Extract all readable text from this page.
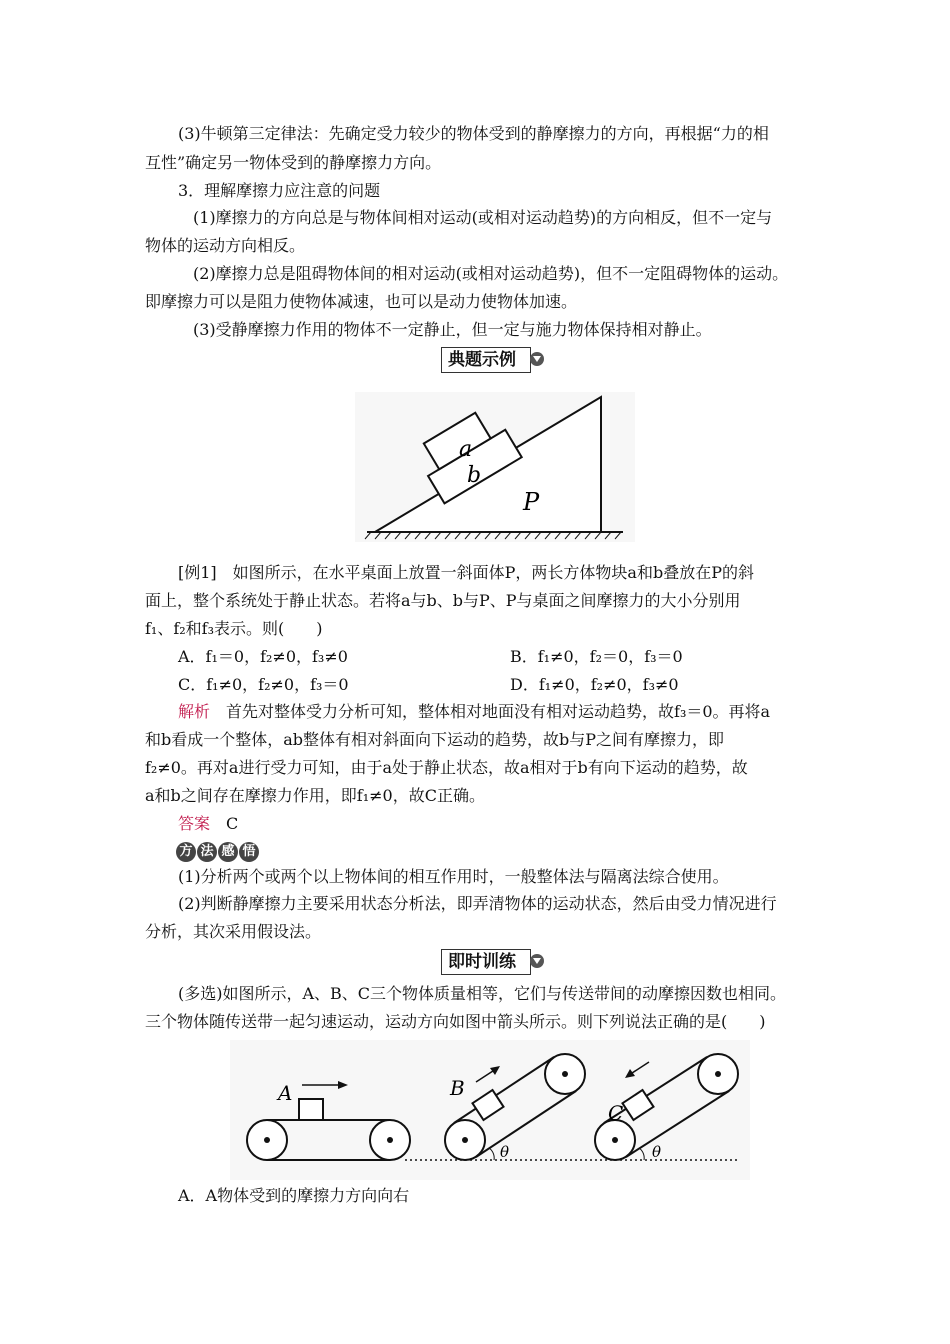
(3)牛顿第三定律法：先确定受力较少的物体受到的静摩擦力的方向，再根据“力的相
互性”确定另一物体受到的静摩擦力方向。
3．理解摩擦力应注意的问题
(1)摩擦力的方向总是与物体间相对运动(或相对运动趋势)的方向相反，但不一定与
物体的运动方向相反。
(2)摩擦力总是阻碍物体间的相对运动(或相对运动趋势)，但不一定阻碍物体的运动。
即摩擦力可以是阻力使物体减速，也可以是动力使物体加速。
(3)受静摩擦力作用的物体不一定静止，但一定与施力物体保持相对静止。
典题示例
a
b
P
[例1]　如图所示，在水平桌面上放置一斜面体P，两长方体物块a和b叠放在P的斜
面上，整个系统处于静止状态。若将a与b、b与P、P与桌面之间摩擦力的大小分别用
f₁、f₂和f₃表示。则(　　)
A．f₁＝0，f₂≠0，f₃≠0	B．f₁≠0，f₂＝0，f₃＝0
C．f₁≠0，f₂≠0，f₃＝0	D．f₁≠0，f₂≠0，f₃≠0
解析　 首先对整体受力分析可知，整体相对地面没有相对运动趋势，故f₃＝0。再将a
和b看成一个整体，ab整体有相对斜面向下运动的趋势，故b与P之间有摩擦力，即
f₂≠0。再对a进行受力可知，由于a处于静止状态，故a相对于b有向下运动的趋势，故
a和b之间存在摩擦力作用，即f₁≠0，故C正确。
答案　 C
方 法 感 悟
(1)分析两个或两个以上物体间的相互作用时，一般整体法与隔离法综合使用。
(2)判断静摩擦力主要采用状态分析法，即弄清物体的运动状态，然后由受力情况进行
分析，其次采用假设法。
即时训练
(多选)如图所示，A、B、C三个物体质量相等，它们与传送带间的动摩擦因数也相同。
三个物体随传送带一起匀速运动，运动方向如图中箭头所示。则下列说法正确的是(　　)
A	B
θ
C
θ
A．A物体受到的摩擦力方向向右
